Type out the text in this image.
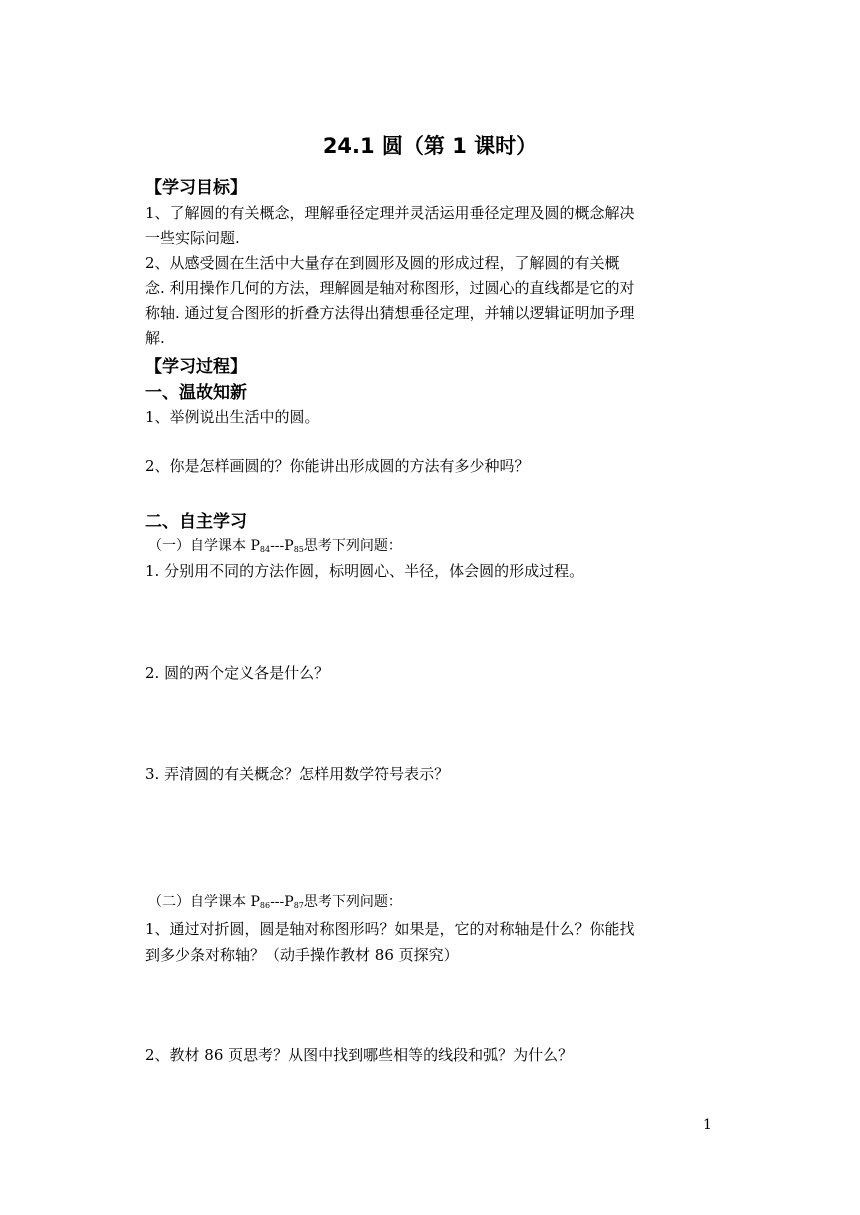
24.1 圆（第 1 课时）
【学习目标】
1、了解圆的有关概念，理解垂径定理并灵活运用垂径定理及圆的概念解决
一些实际问题.
2、从感受圆在生活中大量存在到圆形及圆的形成过程，了解圆的有关概
念. 利用操作几何的方法，理解圆是轴对称图形，过圆心的直线都是它的对
称轴. 通过复合图形的折叠方法得出猜想垂径定理，并辅以逻辑证明加予理
解.
【学习过程】
一、温故知新
1、举例说出生活中的圆。
2、你是怎样画圆的？你能讲出形成圆的方法有多少种吗？
二、自主学习
（一）自学课本 $P_{84}---P_{85}$思考下列问题：
1. 分别用不同的方法作圆，标明圆心、半径，体会圆的形成过程。
2. 圆的两个定义各是什么？
3. 弄清圆的有关概念？怎样用数学符号表示？
（二）自学课本 $P_{86}---P_{87}$思考下列问题：
1、通过对折圆，圆是轴对称图形吗？如果是，它的对称轴是什么？你能找
到多少条对称轴？（动手操作教材 86 页探究）
2、教材 86 页思考？从图中找到哪些相等的线段和弧？为什么？
1
